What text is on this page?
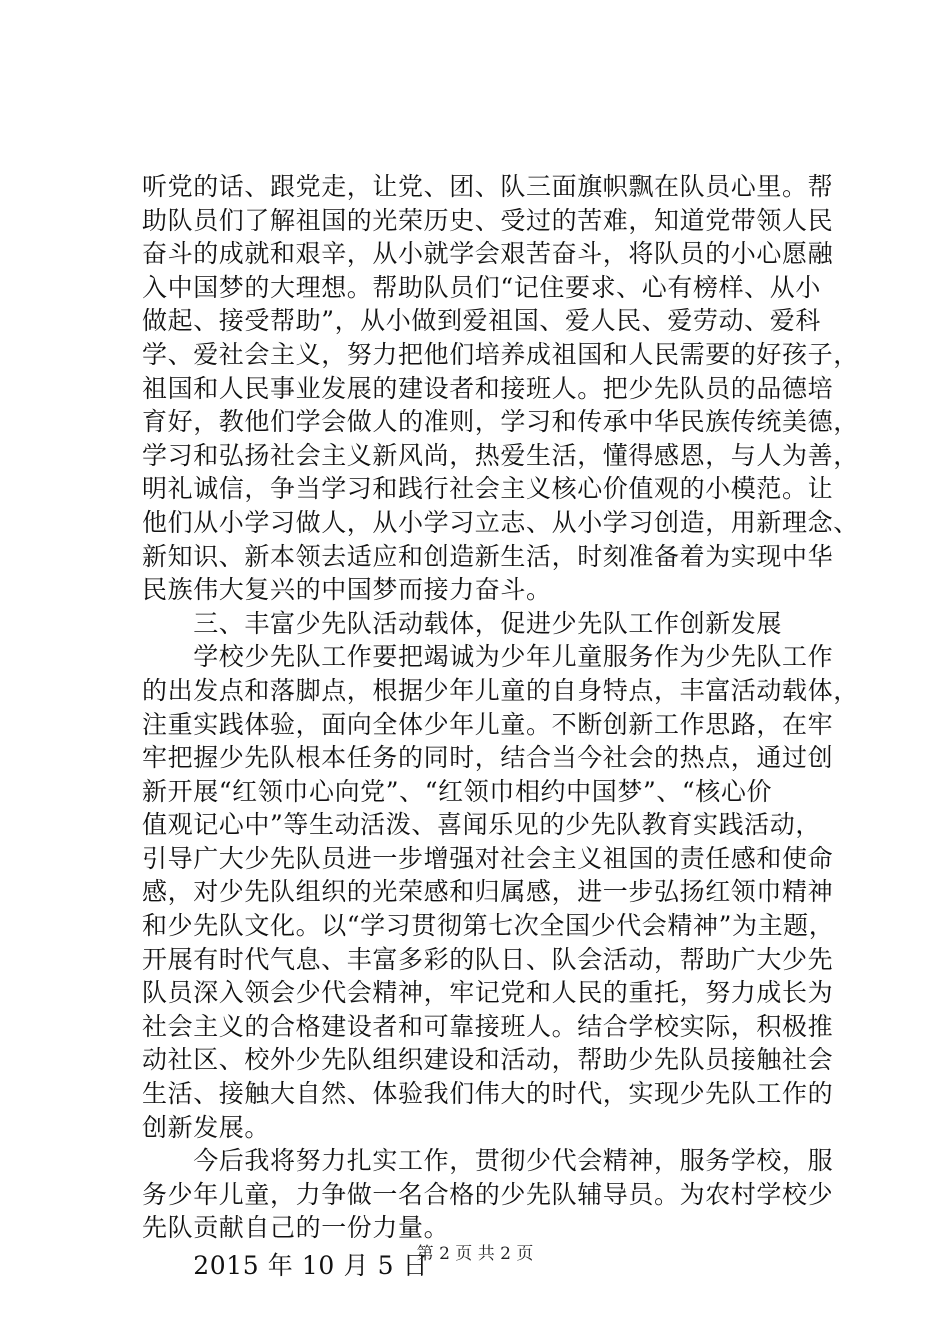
听党的话、跟党走，让党、团、队三面旗帜飘在队员心里。帮
助队员们了解祖国的光荣历史、受过的苦难，知道党带领人民
奋斗的成就和艰辛，从小就学会艰苦奋斗，将队员的小心愿融
入中国梦的大理想。帮助队员们“记住要求、心有榜样、从小
做起、接受帮助”，从小做到爱祖国、爱人民、爱劳动、爱科
学、爱社会主义，努力把他们培养成祖国和人民需要的好孩子，
祖国和人民事业发展的建设者和接班人。把少先队员的品德培
育好，教他们学会做人的准则，学习和传承中华民族传统美德，
学习和弘扬社会主义新风尚，热爱生活，懂得感恩，与人为善，
明礼诚信，争当学习和践行社会主义核心价值观的小模范。让
他们从小学习做人，从小学习立志、从小学习创造，用新理念、
新知识、新本领去适应和创造新生活，时刻准备着为实现中华
民族伟大复兴的中国梦而接力奋斗。
　　三、丰富少先队活动载体，促进少先队工作创新发展
　　学校少先队工作要把竭诚为少年儿童服务作为少先队工作
的出发点和落脚点，根据少年儿童的自身特点，丰富活动载体，
注重实践体验，面向全体少年儿童。不断创新工作思路，在牢
牢把握少先队根本任务的同时，结合当今社会的热点，通过创
新开展“红领巾心向党”、“红领巾相约中国梦”、“核心价
值观记心中”等生动活泼、喜闻乐见的少先队教育实践活动，
引导广大少先队员进一步增强对社会主义祖国的责任感和使命
感，对少先队组织的光荣感和归属感，进一步弘扬红领巾精神
和少先队文化。以“学习贯彻第七次全国少代会精神”为主题，
开展有时代气息、丰富多彩的队日、队会活动，帮助广大少先
队员深入领会少代会精神，牢记党和人民的重托，努力成长为
社会主义的合格建设者和可靠接班人。结合学校实际，积极推
动社区、校外少先队组织建设和活动，帮助少先队员接触社会
生活、接触大自然、体验我们伟大的时代，实现少先队工作的
创新发展。
　　今后我将努力扎实工作，贯彻少代会精神，服务学校，服
务少年儿童，力争做一名合格的少先队辅导员。为农村学校少
先队贡献自己的一份力量。
　　2015 年 10 月 5 日
第 2 页 共 2 页
